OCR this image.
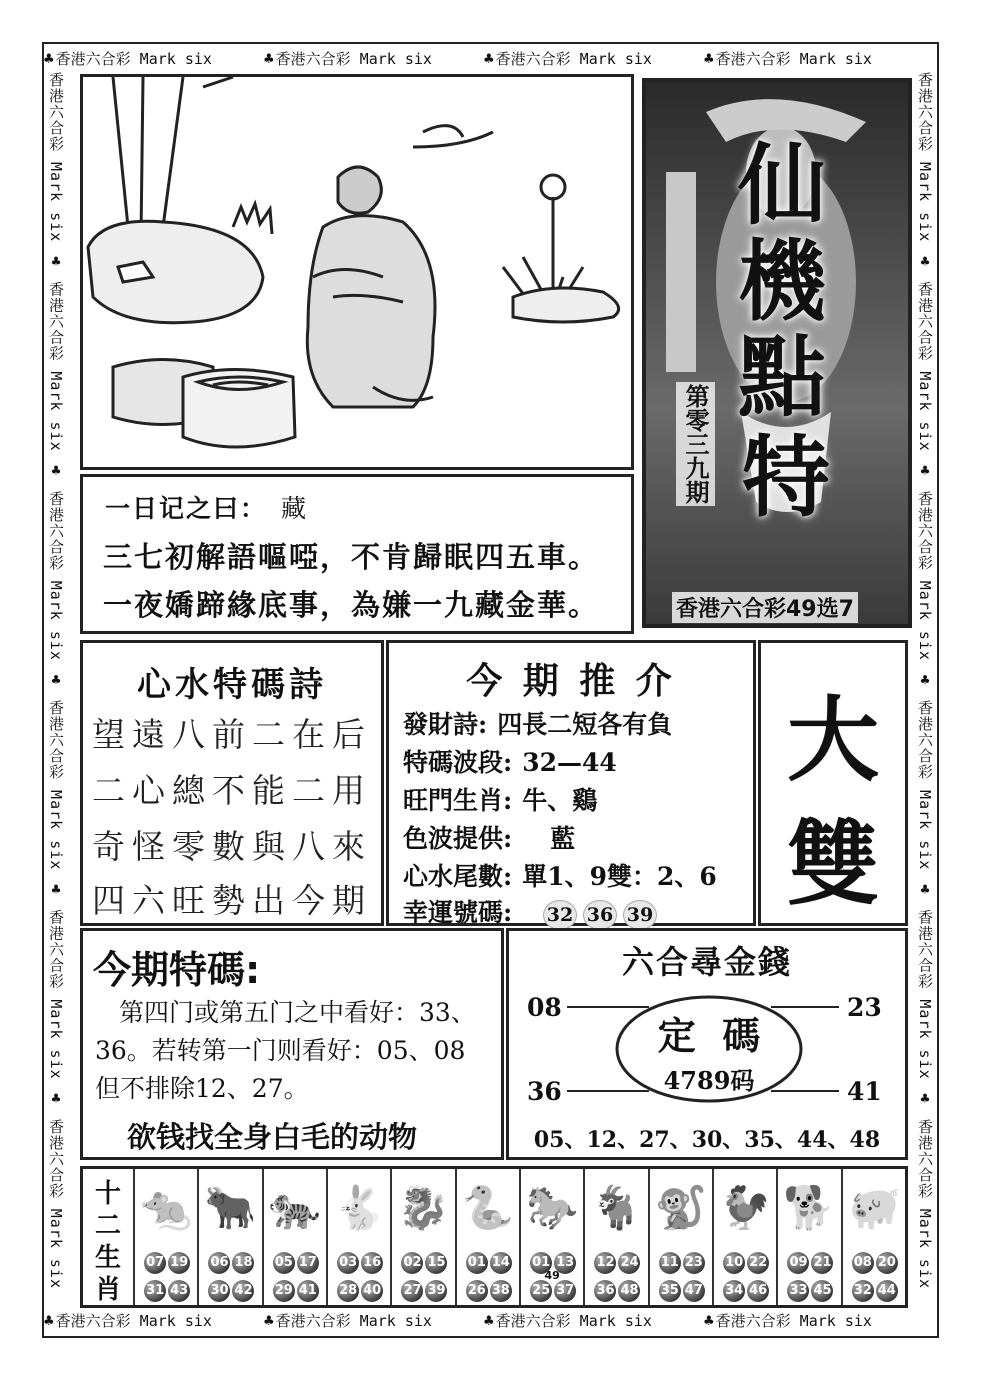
♣ 香港六合彩 Mark six	♣ 香港六合彩 Mark six	♣ 香港六合彩 Mark six	♣ 香港六合彩 Mark six
♣ 香港六合彩 Mark six	♣ 香港六合彩 Mark six	♣ 香港六合彩 Mark six	♣ 香港六合彩 Mark six
香港六合彩 Mark six ♣ 香港六合彩 Mark six ♣ 香港六合彩 Mark six ♣ 香港六合彩 Mark six ♣ 香港六合彩 Mark six ♣ 香港六合彩 Mark six
香港六合彩 Mark six ♣ 香港六合彩 Mark six ♣ 香港六合彩 Mark six ♣ 香港六合彩 Mark six ♣ 香港六合彩 Mark six ♣ 香港六合彩 Mark six
仙
機
點
特
第零三九期
香港六合彩49选7
一日记之曰： 藏
三七初解語嘔啞，不肯歸眠四五車。
一夜嬌蹄緣底事，為嫌一九藏金華。
心水特碼詩
望遠八前二在后
二心總不能二用
奇怪零數與八來
四六旺勢出今期
今 期 推 介
發財詩: 四長二短各有負
特碼波段: 32—44
旺門生肖: 牛、鷄
色波提供: 藍
心水尾數: 單1、9雙：2、6
幸運號碼: 32 36 39
大
雙
今期特碼:
第四门或第五门之中看好：33、
36。若转第一门则看好：05、08
但不排除12、27。
欲钱找全身白毛的动物
六合尋金錢
08	23
36	41
定  碼
4789码
05、12、27、30、35、44、48
十
二
生
肖
🐀
07 19
31 43
🐂
06 18
30 42
🐅
05 17
29 41
🐇
03 16
28 40
🐉
02 15
27 39
🐍
01 14
26 38
🐎
01 13
25 37
49
🐐
12 24
36 48
🐒
11 23
35 47
🐓
10 22
34 46
🐕
09 21
33 45
🐖
08 20
32 44
